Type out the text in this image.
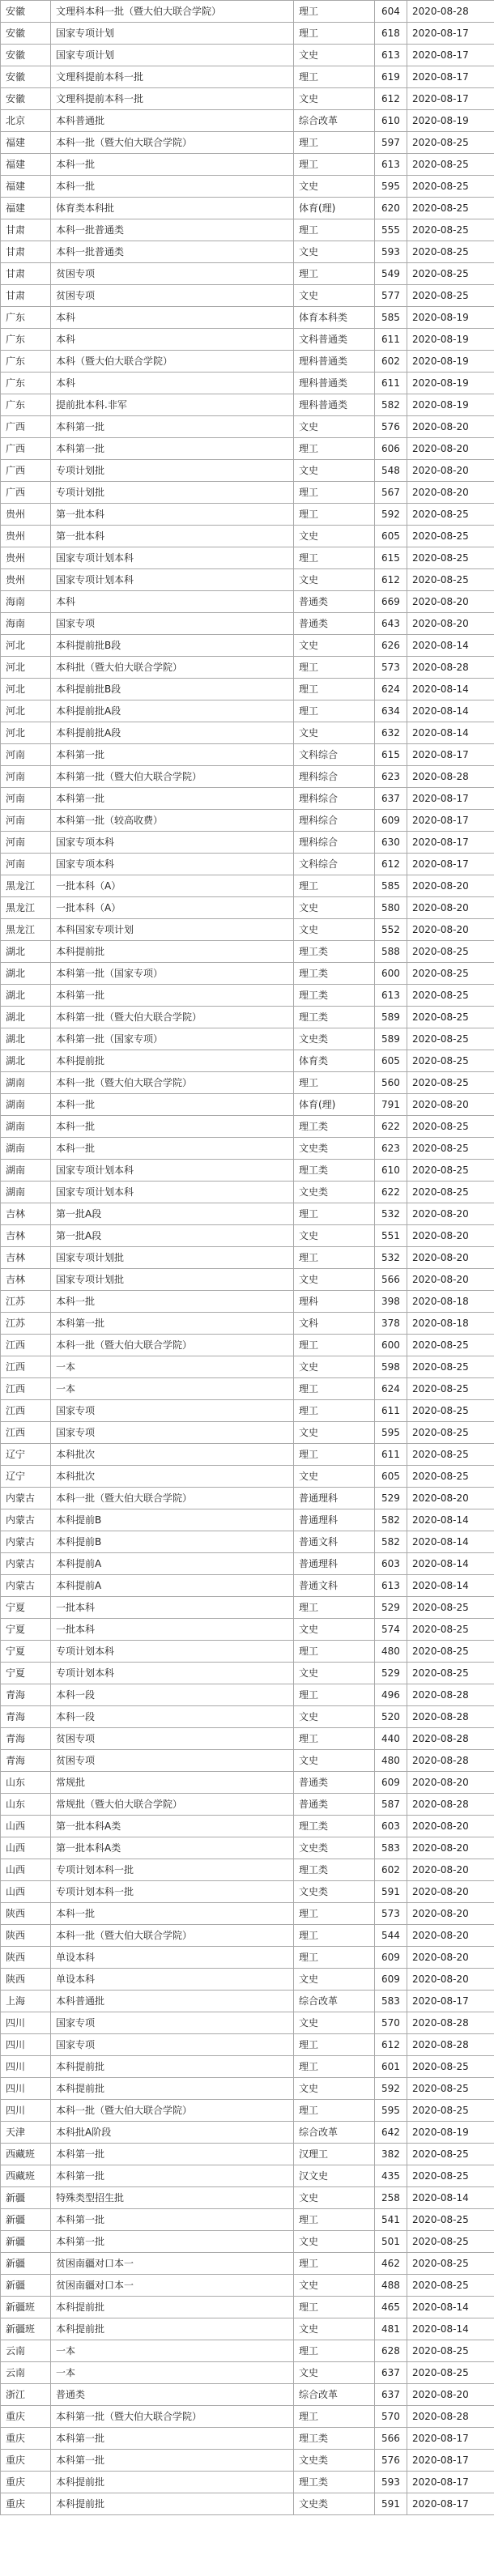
安徽	文理科本科一批（暨大伯大联合学院）	理工	604	2020-08-28
安徽	国家专项计划	理工	618	2020-08-17
安徽	国家专项计划	文史	613	2020-08-17
安徽	文理科提前本科一批	理工	619	2020-08-17
安徽	文理科提前本科一批	文史	612	2020-08-17
北京	本科普通批	综合改革	610	2020-08-19
福建	本科一批（暨大伯大联合学院）	理工	597	2020-08-25
福建	本科一批	理工	613	2020-08-25
福建	本科一批	文史	595	2020-08-25
福建	体育类本科批	体育(理)	620	2020-08-25
甘肃	本科一批普通类	理工	555	2020-08-25
甘肃	本科一批普通类	文史	593	2020-08-25
甘肃	贫困专项	理工	549	2020-08-25
甘肃	贫困专项	文史	577	2020-08-25
广东	本科	体育本科类	585	2020-08-19
广东	本科	文科普通类	611	2020-08-19
广东	本科（暨大伯大联合学院）	理科普通类	602	2020-08-19
广东	本科	理科普通类	611	2020-08-19
广东	提前批本科.非军	理科普通类	582	2020-08-19
广西	本科第一批	文史	576	2020-08-20
广西	本科第一批	理工	606	2020-08-20
广西	专项计划批	文史	548	2020-08-20
广西	专项计划批	理工	567	2020-08-20
贵州	第一批本科	理工	592	2020-08-25
贵州	第一批本科	文史	605	2020-08-25
贵州	国家专项计划本科	理工	615	2020-08-25
贵州	国家专项计划本科	文史	612	2020-08-25
海南	本科	普通类	669	2020-08-20
海南	国家专项	普通类	643	2020-08-20
河北	本科提前批B段	文史	626	2020-08-14
河北	本科批（暨大伯大联合学院）	理工	573	2020-08-28
河北	本科提前批B段	理工	624	2020-08-14
河北	本科提前批A段	理工	634	2020-08-14
河北	本科提前批A段	文史	632	2020-08-14
河南	本科第一批	文科综合	615	2020-08-17
河南	本科第一批（暨大伯大联合学院）	理科综合	623	2020-08-28
河南	本科第一批	理科综合	637	2020-08-17
河南	本科第一批（较高收费）	理科综合	609	2020-08-17
河南	国家专项本科	理科综合	630	2020-08-17
河南	国家专项本科	文科综合	612	2020-08-17
黑龙江	一批本科（A）	理工	585	2020-08-20
黑龙江	一批本科（A）	文史	580	2020-08-20
黑龙江	本科国家专项计划	文史	552	2020-08-20
湖北	本科提前批	理工类	588	2020-08-25
湖北	本科第一批（国家专项）	理工类	600	2020-08-25
湖北	本科第一批	理工类	613	2020-08-25
湖北	本科第一批（暨大伯大联合学院）	理工类	589	2020-08-25
湖北	本科第一批（国家专项）	文史类	589	2020-08-25
湖北	本科提前批	体育类	605	2020-08-25
湖南	本科一批（暨大伯大联合学院）	理工	560	2020-08-25
湖南	本科一批	体育(理)	791	2020-08-20
湖南	本科一批	理工类	622	2020-08-25
湖南	本科一批	文史类	623	2020-08-25
湖南	国家专项计划本科	理工类	610	2020-08-25
湖南	国家专项计划本科	文史类	622	2020-08-25
吉林	第一批A段	理工	532	2020-08-20
吉林	第一批A段	文史	551	2020-08-20
吉林	国家专项计划批	理工	532	2020-08-20
吉林	国家专项计划批	文史	566	2020-08-20
江苏	本科一批	理科	398	2020-08-18
江苏	本科第一批	文科	378	2020-08-18
江西	本科一批（暨大伯大联合学院）	理工	600	2020-08-25
江西	一本	文史	598	2020-08-25
江西	一本	理工	624	2020-08-25
江西	国家专项	理工	611	2020-08-25
江西	国家专项	文史	595	2020-08-25
辽宁	本科批次	理工	611	2020-08-25
辽宁	本科批次	文史	605	2020-08-25
内蒙古	本科一批（暨大伯大联合学院）	普通理科	529	2020-08-20
内蒙古	本科提前B	普通理科	582	2020-08-14
内蒙古	本科提前B	普通文科	582	2020-08-14
内蒙古	本科提前A	普通理科	603	2020-08-14
内蒙古	本科提前A	普通文科	613	2020-08-14
宁夏	一批本科	理工	529	2020-08-25
宁夏	一批本科	文史	574	2020-08-25
宁夏	专项计划本科	理工	480	2020-08-25
宁夏	专项计划本科	文史	529	2020-08-25
青海	本科一段	理工	496	2020-08-28
青海	本科一段	文史	520	2020-08-28
青海	贫困专项	理工	440	2020-08-28
青海	贫困专项	文史	480	2020-08-28
山东	常规批	普通类	609	2020-08-20
山东	常规批（暨大伯大联合学院）	普通类	587	2020-08-28
山西	第一批本科A类	理工类	603	2020-08-20
山西	第一批本科A类	文史类	583	2020-08-20
山西	专项计划本科一批	理工类	602	2020-08-20
山西	专项计划本科一批	文史类	591	2020-08-20
陕西	本科一批	理工	573	2020-08-20
陕西	本科一批（暨大伯大联合学院）	理工	544	2020-08-20
陕西	单设本科	理工	609	2020-08-20
陕西	单设本科	文史	609	2020-08-20
上海	本科普通批	综合改革	583	2020-08-17
四川	国家专项	文史	570	2020-08-28
四川	国家专项	理工	612	2020-08-28
四川	本科提前批	理工	601	2020-08-25
四川	本科提前批	文史	592	2020-08-25
四川	本科一批（暨大伯大联合学院）	理工	595	2020-08-25
天津	本科批A阶段	综合改革	642	2020-08-19
西藏班	本科第一批	汉理工	382	2020-08-25
西藏班	本科第一批	汉文史	435	2020-08-25
新疆	特殊类型招生批	文史	258	2020-08-14
新疆	本科第一批	理工	541	2020-08-25
新疆	本科第一批	文史	501	2020-08-25
新疆	贫困南疆对口本一	理工	462	2020-08-25
新疆	贫困南疆对口本一	文史	488	2020-08-25
新疆班	本科提前批	理工	465	2020-08-14
新疆班	本科提前批	文史	481	2020-08-14
云南	一本	理工	628	2020-08-25
云南	一本	文史	637	2020-08-25
浙江	普通类	综合改革	637	2020-08-20
重庆	本科第一批（暨大伯大联合学院）	理工	570	2020-08-28
重庆	本科第一批	理工类	566	2020-08-17
重庆	本科第一批	文史类	576	2020-08-17
重庆	本科提前批	理工类	593	2020-08-17
重庆	本科提前批	文史类	591	2020-08-17
